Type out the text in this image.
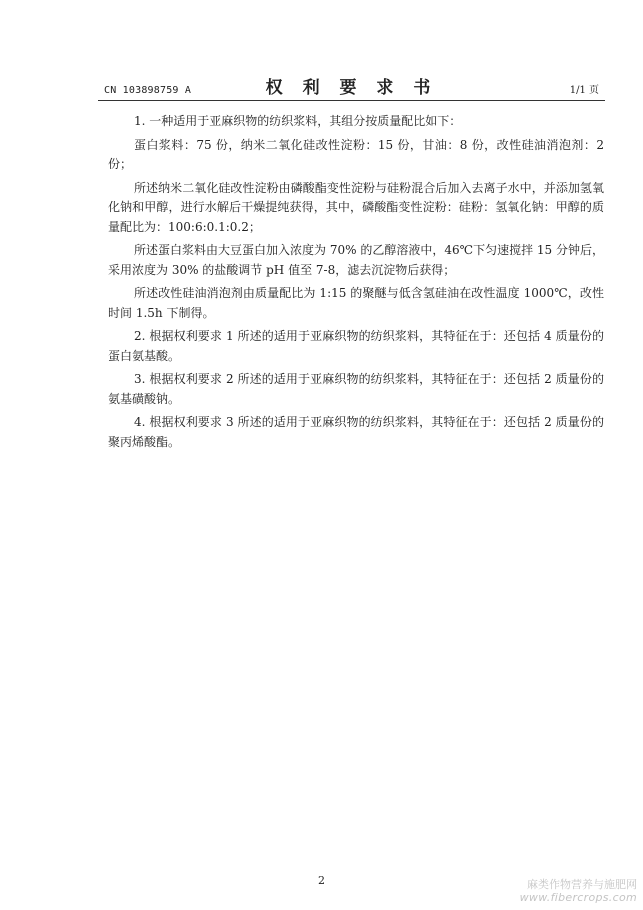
CN 103898759 A	权 利 要 求 书	1/1 页

1. 一种适用于亚麻织物的纺织浆料，其组分按质量配比如下：

蛋白浆料：75 份，纳米二氧化硅改性淀粉：15 份，甘油：8 份，改性硅油消泡剂：2 份；

所述纳米二氧化硅改性淀粉由磷酸酯变性淀粉与硅粉混合后加入去离子水中，并添加氢氧化钠和甲醇，进行水解后干燥提纯获得，其中，磷酸酯变性淀粉：硅粉：氢氧化钠：甲醇的质量配比为：100:6:0.1:0.2；

所述蛋白浆料由大豆蛋白加入浓度为 70% 的乙醇溶液中，46℃下匀速搅拌 15 分钟后，采用浓度为 30% 的盐酸调节 pH 值至 7-8，滤去沉淀物后获得；

所述改性硅油消泡剂由质量配比为 1:15 的聚醚与低含氢硅油在改性温度 1000℃，改性时间 1.5h 下制得。

2. 根据权利要求 1 所述的适用于亚麻织物的纺织浆料，其特征在于：还包括 4 质量份的蛋白氨基酸。

3. 根据权利要求 2 所述的适用于亚麻织物的纺织浆料，其特征在于：还包括 2 质量份的氨基磺酸钠。

4. 根据权利要求 3 所述的适用于亚麻织物的纺织浆料，其特征在于：还包括 2 质量份的聚丙烯酸酯。

2	麻类作物营养与施肥网
www.fibercrops.com
